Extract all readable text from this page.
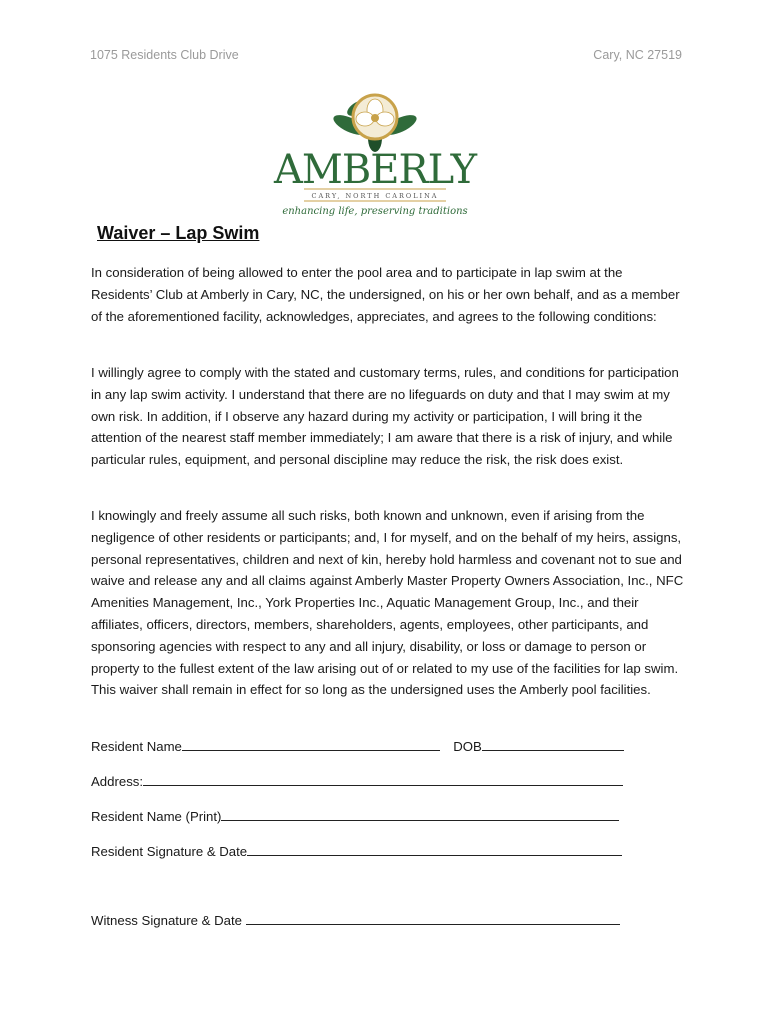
1075 Residents Club Drive	Cary, NC 27519
AMBERLY
CARY, NORTH CAROLINA
enhancing life, preserving traditions
Waiver – Lap Swim

In consideration of being allowed to enter the pool area and to participate in lap swim at the Residents’ Club at Amberly in Cary, NC, the undersigned, on his or her own behalf, and as a member of the aforementioned facility, acknowledges, appreciates, and agrees to the following conditions:

I willingly agree to comply with the stated and customary terms, rules, and conditions for participation in any lap swim activity. I understand that there are no lifeguards on duty and that I may swim at my own risk. In addition, if I observe any hazard during my activity or participation, I will bring it the attention of the nearest staff member immediately; I am aware that there is a risk of injury, and while particular rules, equipment, and personal discipline may reduce the risk, the risk does exist.

I knowingly and freely assume all such risks, both known and unknown, even if arising from the negligence of other residents or participants; and, I for myself, and on the behalf of my heirs, assigns, personal representatives, children and next of kin, hereby hold harmless and covenant not to sue and waive and release any and all claims against Amberly Master Property Owners Association, Inc., NFC Amenities Management, Inc., York Properties Inc., Aquatic Management Group, Inc., and their affiliates, officers, directors, members, shareholders, agents, employees, other participants, and sponsoring agencies with respect to any and all injury, disability, or loss or damage to person or property to the fullest extent of the law arising out of or related to my use of the facilities for lap swim. This waiver shall remain in effect for so long as the undersigned uses the Amberly pool facilities.

Resident Name	DOB
Address:
Resident Name (Print)
Resident Signature & Date
Witness Signature & Date
